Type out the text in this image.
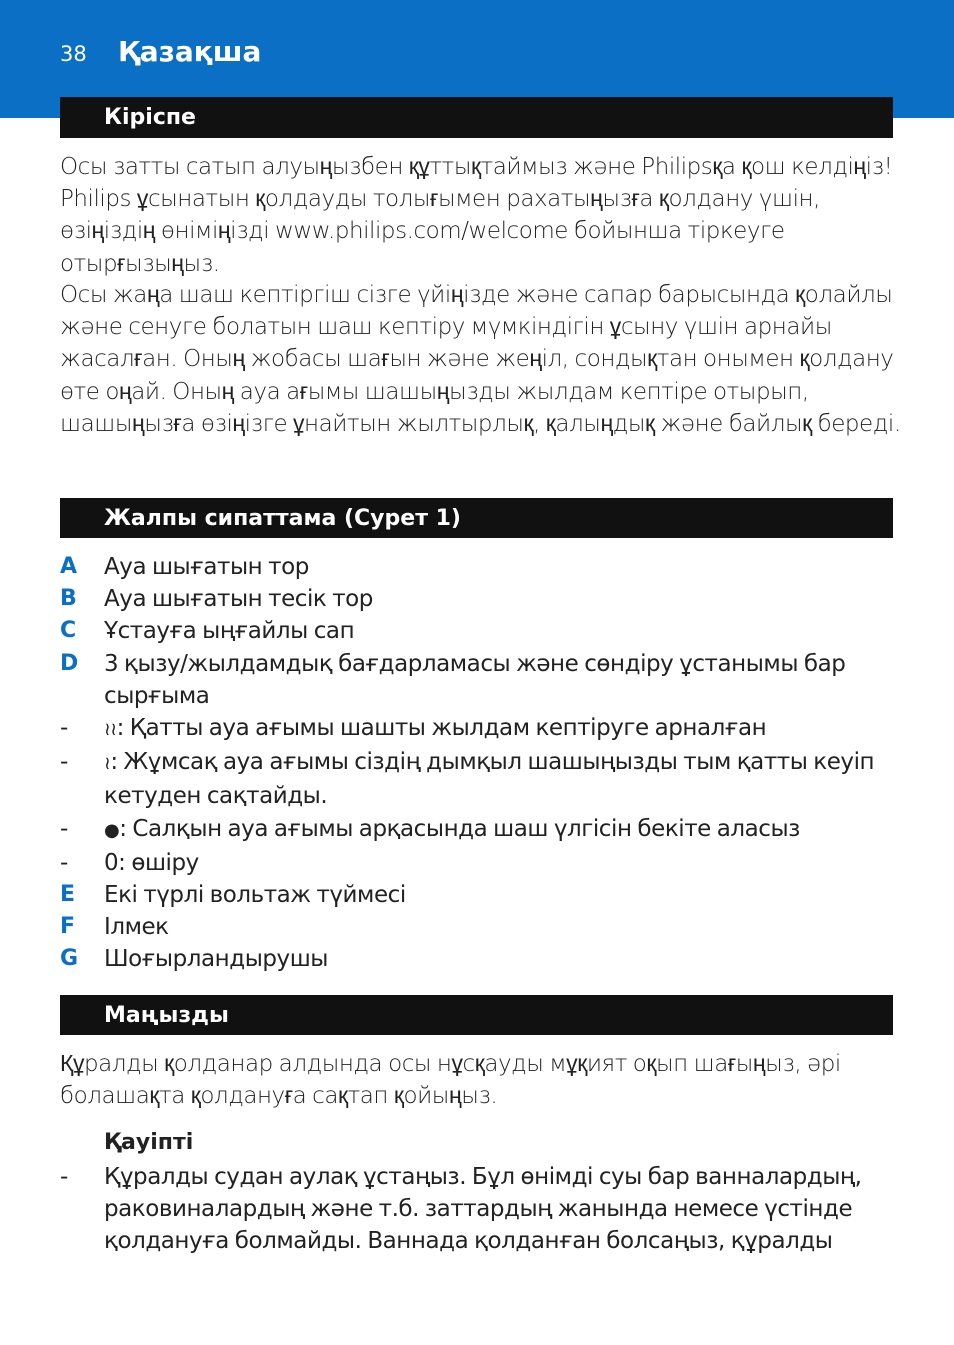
38 Қазақша
Кіріспе

Осы затты сатып алуыңызбен құттықтаймыз және Philipsқа қош келдіңіз! Philips ұсынатын қолдауды толығымен рахатыңызға қолдану үшін, өзіңіздің өніміңізді www.philips.com/welcome бойынша тіркеуге отырғызыңыз.

Осы жаңа шаш кептіргіш сізге үйіңізде және сапар барысында қолайлы және сенуге болатын шаш кептіру мүмкіндігін ұсыну үшін арнайы жасалған. Оның жобасы шағын және жеңіл, сондықтан онымен қолдану өте оңай. Оның ауа ағымы шашыңызды жылдам кептіре отырып, шашыңызға өзіңізге ұнайтын жылтырлық, қалыңдық және байлық береді.

Жалпы сипаттама (Сурет 1)
A	Ауа шығатын тор
B	Ауа шығатын тесік тор
C	Ұстауға ыңғайлы сап
D	3 қызу/жылдамдық бағдарламасы және сөндіру ұстанымы бар сырғыма
-	≀≀: Қатты ауа ағымы шашты жылдам кептіруге арналған
-	≀: Жұмсақ ауа ағымы сіздің дымқыл шашыңызды тым қатты кеуіп кетуден сақтайды.
-	●: Салқын ауа ағымы арқасында шаш үлгісін бекіте аласыз
-	0: өшіру
E	Екі түрлі вольтаж түймесі
F	Ілмек
G	Шоғырландырушы
Маңызды

Құралды қолданар алдында осы нұсқауды мұқият оқып шағыңыз, әрі болашақта қолдануға сақтап қойыңыз.

Қауіпті
- Құралды судан аулақ ұстаңыз. Бұл өнімді суы бар ванналардың, раковиналардың және т.б. заттардың жанында немесе үстінде қолдануға болмайды. Ваннада қолданған болсаңыз, құралды
